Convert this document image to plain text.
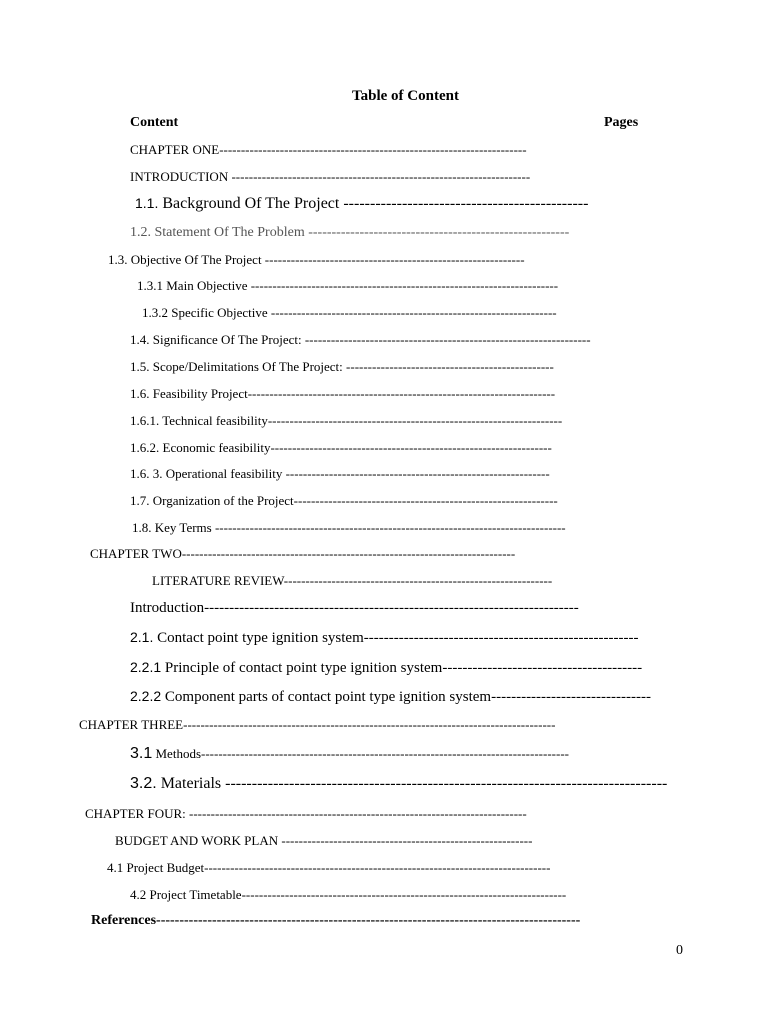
Table of Content
Content	Pages
CHAPTER ONE-----------------------------------------------------------------------
INTRODUCTION ---------------------------------------------------------------------
1.1. Background Of The Project ----------------------------------------------
1.2. Statement Of The Problem --------------------------------------------------------
1.3. Objective Of The Project ------------------------------------------------------------
1.3.1 Main Objective -----------------------------------------------------------------------
1.3.2 Specific Objective ------------------------------------------------------------------
1.4. Significance Of The Project: ------------------------------------------------------------------
1.5. Scope/Delimitations Of The Project: ------------------------------------------------
1.6. Feasibility Project-----------------------------------------------------------------------
1.6.1. Technical feasibility--------------------------------------------------------------------
1.6.2. Economic feasibility-----------------------------------------------------------------
1.6. 3. Operational feasibility -------------------------------------------------------------
1.7. Organization of the Project-------------------------------------------------------------
1.8. Key Terms ---------------------------------------------------------------------------------
CHAPTER TWO-----------------------------------------------------------------------------
LITERATURE REVIEW--------------------------------------------------------------
Introduction---------------------------------------------------------------------------
2.1. Contact point type ignition system-------------------------------------------------------
2.2.1 Principle of contact point type ignition system----------------------------------------
2.2.2 Component parts of contact point type ignition system--------------------------------
CHAPTER THREE--------------------------------------------------------------------------------------
3.1 Methods-------------------------------------------------------------------------------------
3.2. Materials -----------------------------------------------------------------------------------
CHAPTER FOUR: ------------------------------------------------------------------------------
BUDGET AND WORK PLAN ----------------------------------------------------------
4.1 Project Budget--------------------------------------------------------------------------------
4.2 Project Timetable---------------------------------------------------------------------------
References-------------------------------------------------------------------------------------------
0
